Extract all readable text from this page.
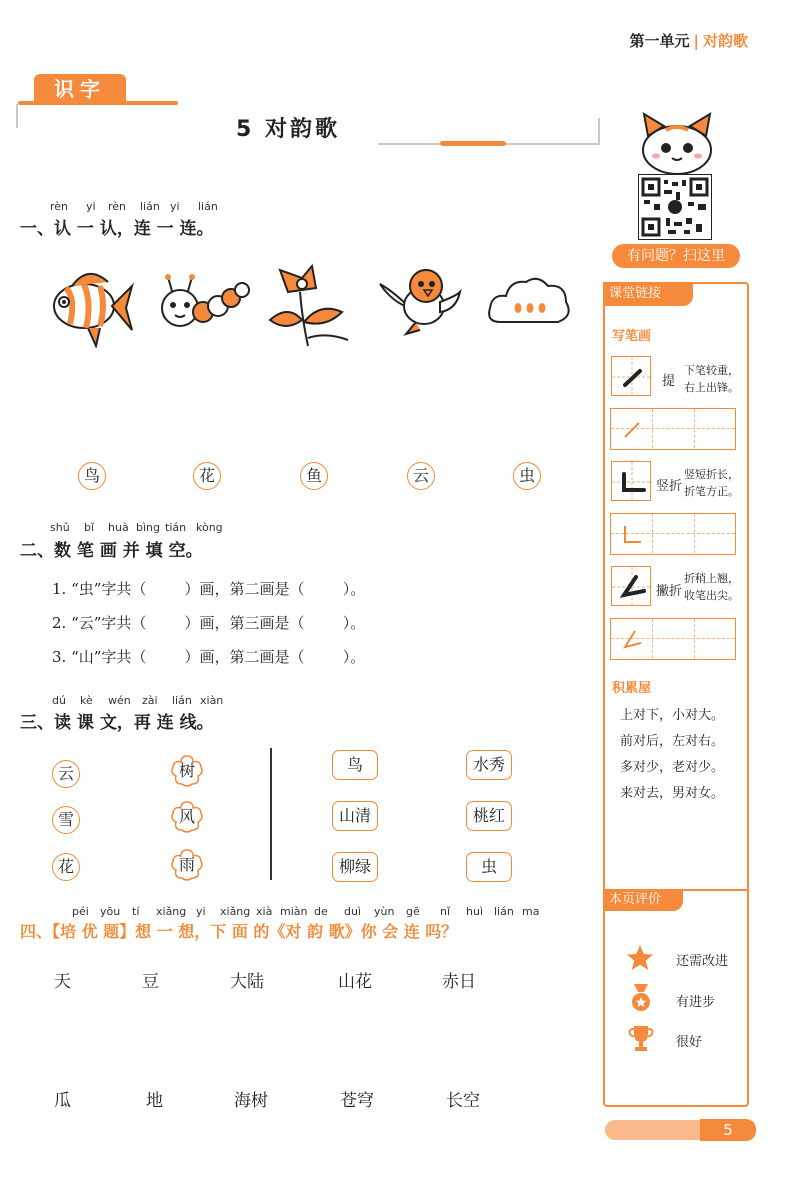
第一单元 | 对韵歌
识字
5 对韵歌
rèn yi rèn lián yi lián
一、认 一 认，连 一 连。
鸟	花	鱼	云	虫
shǔ bǐ huà bìng tián kòng
二、数 笔 画 并 填 空。
1. “虫”字共（        ）画，第二画是（        ）。
2. “云”字共（        ）画，第三画是（        ）。
3. “山”字共（        ）画，第二画是（        ）。
dú kè wén zài lián xiàn
三、读 课 文，再 连 线。
云
雪
花
树
风
雨
鸟
山清
柳绿
水秀
桃红
虫
péi yōu tí xiǎng yi xiǎng xià miàn de duì yùn gē nǐ huì lián ma
四、【培 优 题】想 一 想，下 面 的《对 韵 歌》你 会 连 吗？
天	豆	大陆	山花	赤日
瓜	地	海树	苍穹	长空
有问题？扫这里
课堂链接
写笔画
提
下笔较重，
右上出锋。
竖折
竖短折长，
折笔方正。
撇折
折稍上翘，
收笔出尖。
积累屋
上对下，小对大。
前对后，左对右。
多对少，老对少。
来对去，男对女。
本页评价
还需改进
有进步
很好
5
